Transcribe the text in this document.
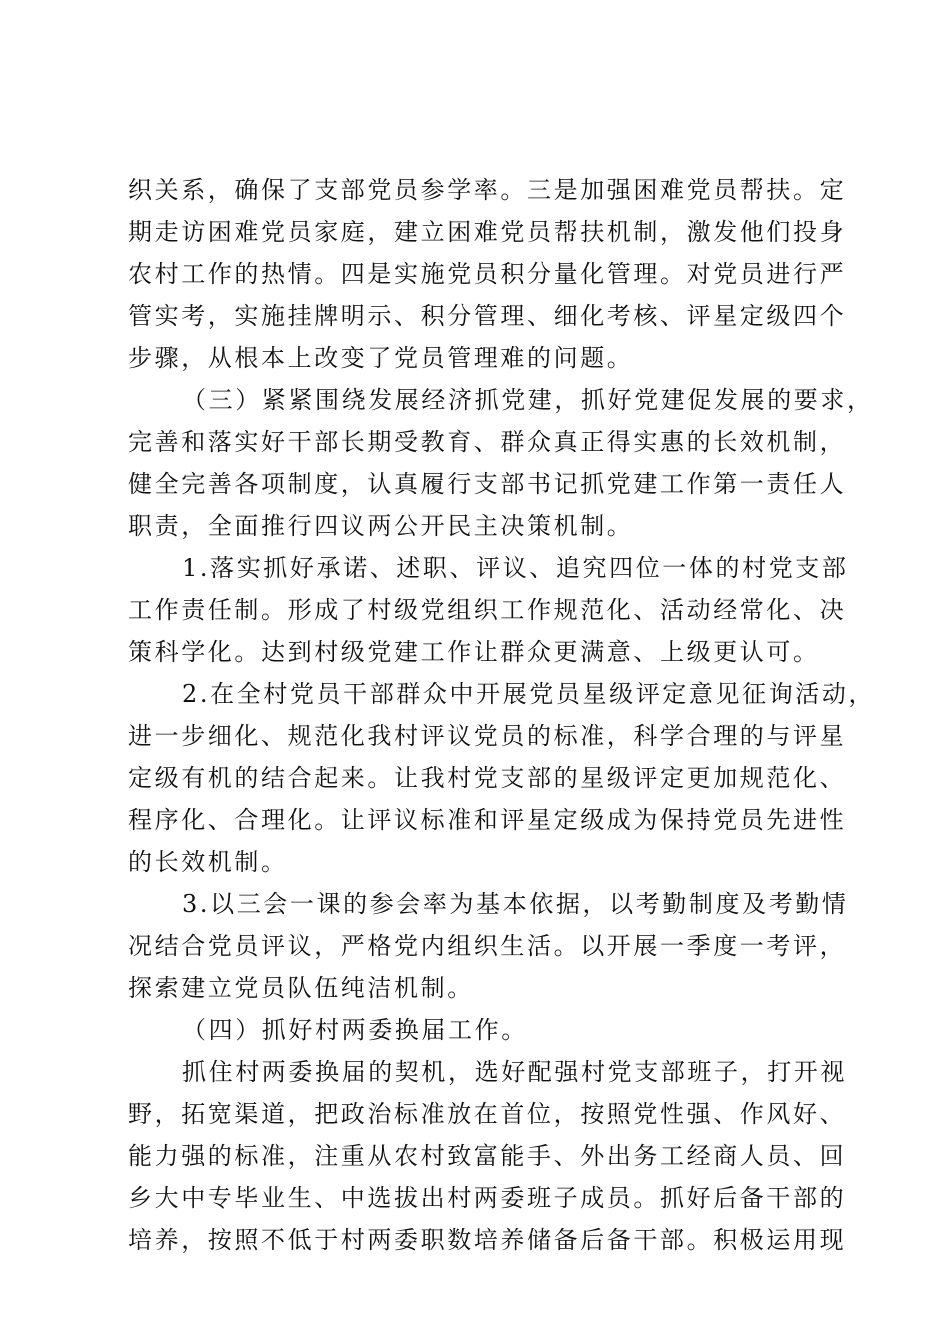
织关系，确保了支部党员参学率。三是加强困难党员帮扶。定
期走访困难党员家庭，建立困难党员帮扶机制，激发他们投身
农村工作的热情。四是实施党员积分量化管理。对党员进行严
管实考，实施挂牌明示、积分管理、细化考核、评星定级四个
步骤，从根本上改变了党员管理难的问题。
（三）紧紧围绕发展经济抓党建，抓好党建促发展的要求，
完善和落实好干部长期受教育、群众真正得实惠的长效机制，
健全完善各项制度，认真履行支部书记抓党建工作第一责任人
职责，全面推行四议两公开民主决策机制。
1.落实抓好承诺、述职、评议、追究四位一体的村党支部
工作责任制。形成了村级党组织工作规范化、活动经常化、决
策科学化。达到村级党建工作让群众更满意、上级更认可。
2.在全村党员干部群众中开展党员星级评定意见征询活动，
进一步细化、规范化我村评议党员的标准，科学合理的与评星
定级有机的结合起来。让我村党支部的星级评定更加规范化、
程序化、合理化。让评议标准和评星定级成为保持党员先进性
的长效机制。
3.以三会一课的参会率为基本依据，以考勤制度及考勤情
况结合党员评议，严格党内组织生活。以开展一季度一考评，
探索建立党员队伍纯洁机制。
（四）抓好村两委换届工作。
抓住村两委换届的契机，选好配强村党支部班子，打开视
野，拓宽渠道，把政治标准放在首位，按照党性强、作风好、
能力强的标准，注重从农村致富能手、外出务工经商人员、回
乡大中专毕业生、中选拔出村两委班子成员。抓好后备干部的
培养，按照不低于村两委职数培养储备后备干部。积极运用现
